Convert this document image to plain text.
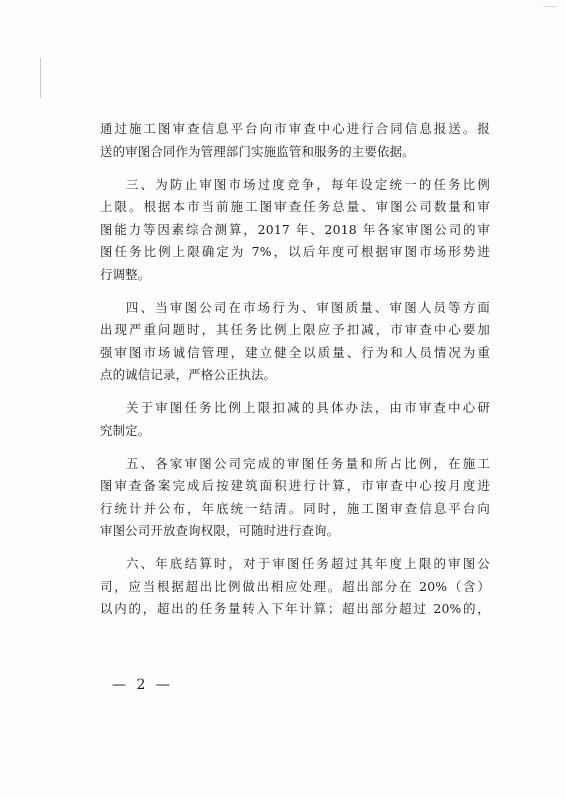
通过施工图审查信息平台向市审查中心进行合同信息报送。报
送的审图合同作为管理部门实施监管和服务的主要依据。
三、为防止审图市场过度竞争，每年设定统一的任务比例
上限。根据本市当前施工图审查任务总量、审图公司数量和审
图能力等因素综合测算，2017 年、2018 年各家审图公司的审
图任务比例上限确定为 7%，以后年度可根据审图市场形势进
行调整。
四、当审图公司在市场行为、审图质量、审图人员等方面
出现严重问题时，其任务比例上限应予扣减，市审查中心要加
强审图市场诚信管理，建立健全以质量、行为和人员情况为重
点的诚信记录，严格公正执法。
关于审图任务比例上限扣减的具体办法，由市审查中心研
究制定。
五、各家审图公司完成的审图任务量和所占比例，在施工
图审查备案完成后按建筑面积进行计算，市审查中心按月度进
行统计并公布，年底统一结清。同时，施工图审查信息平台向
审图公司开放查询权限，可随时进行查询。
六、年底结算时，对于审图任务超过其年度上限的审图公
司，应当根据超出比例做出相应处理。超出部分在 20%（含）
以内的，超出的任务量转入下年计算；超出部分超过 20%的，
— 2 —
